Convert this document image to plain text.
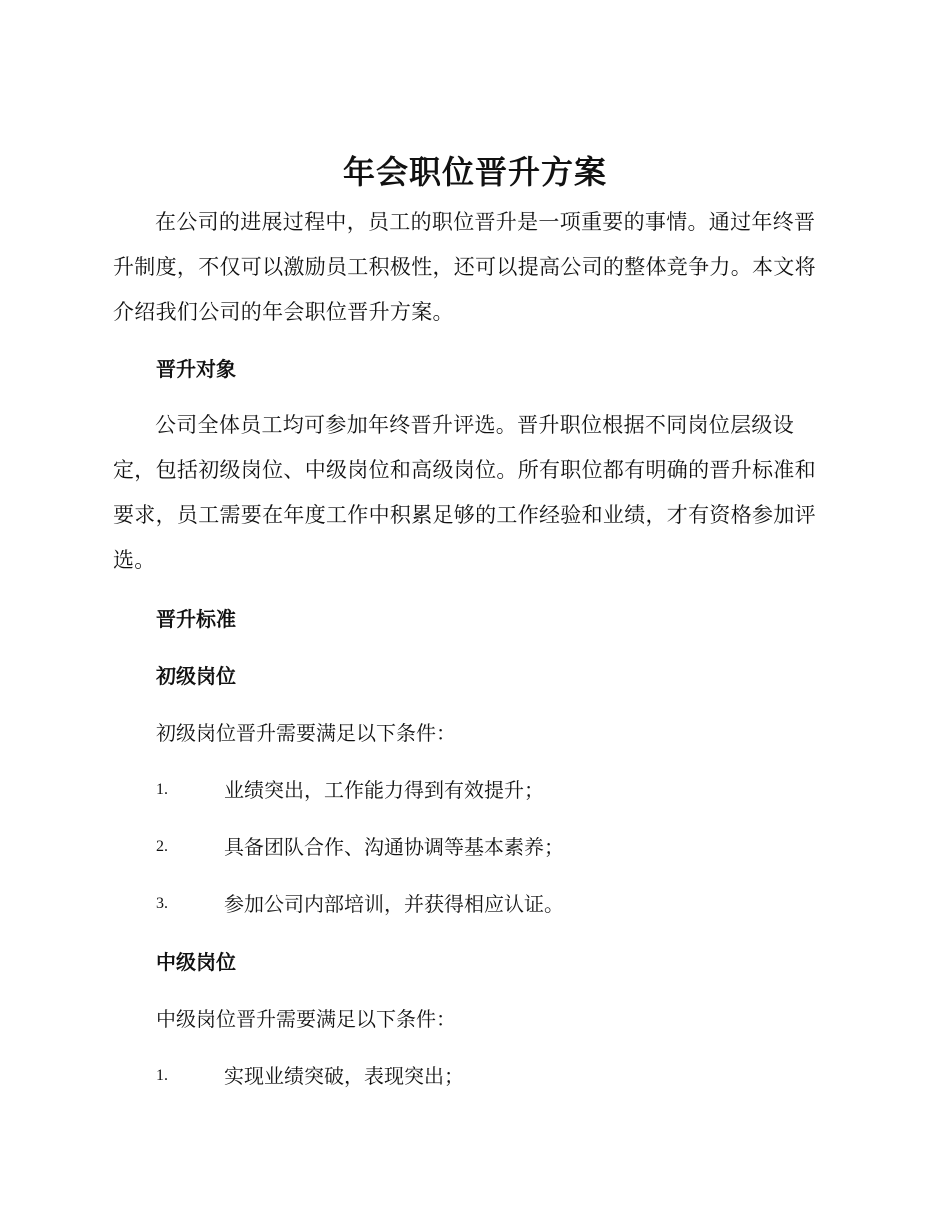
年会职位晋升方案
在公司的进展过程中，员工的职位晋升是一项重要的事情。通过年终晋升制度，不仅可以激励员工积极性，还可以提高公司的整体竞争力。本文将介绍我们公司的年会职位晋升方案。
晋升对象
公司全体员工均可参加年终晋升评选。晋升职位根据不同岗位层级设定，包括初级岗位、中级岗位和高级岗位。所有职位都有明确的晋升标准和要求，员工需要在年度工作中积累足够的工作经验和业绩，才有资格参加评选。
晋升标准
初级岗位
初级岗位晋升需要满足以下条件：
1.	业绩突出，工作能力得到有效提升；
2.	具备团队合作、沟通协调等基本素养；
3.	参加公司内部培训，并获得相应认证。
中级岗位
中级岗位晋升需要满足以下条件：
1.	实现业绩突破，表现突出；
